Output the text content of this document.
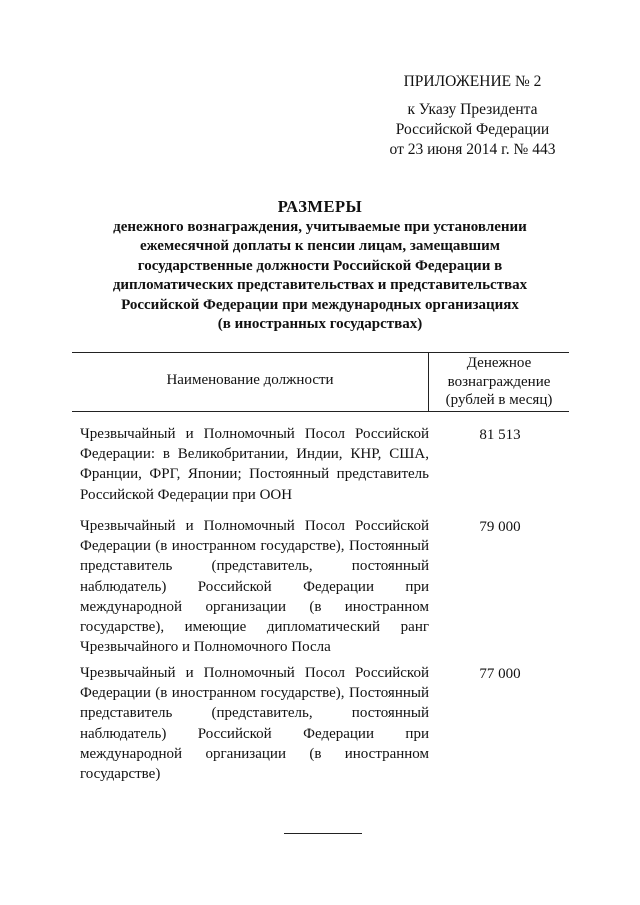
ПРИЛОЖЕНИЕ № 2
к Указу Президента
Российской Федерации
от 23 июня 2014 г. № 443
РАЗМЕРЫ
денежного вознаграждения, учитываемые при установлении
ежемесячной доплаты к пенсии лицам, замещавшим
государственные должности Российской Федерации в
дипломатических представительствах и представительствах
Российской Федерации при международных организациях
(в иностранных государствах)
Наименование должности
Денежное
вознаграждение
(рублей в месяц)
Чрезвычайный и Полномочный Посол Российской Федерации: в Великобритании, Индии, КНР, США, Франции, ФРГ, Японии; Постоянный представитель Российской Федерации при ООН
81 513
Чрезвычайный и Полномочный Посол Российской Федерации (в иностранном государстве), Постоянный представитель (представитель, постоянный наблюдатель) Российской Федерации при международной организации (в иностранном государстве), имеющие дипломатический ранг Чрезвычайного и Полномочного Посла
79 000
Чрезвычайный и Полномочный Посол Российской Федерации (в иностранном государстве), Постоянный представитель (представитель, постоянный наблюдатель) Российской Федерации при международной организации (в иностранном государстве)
77 000
